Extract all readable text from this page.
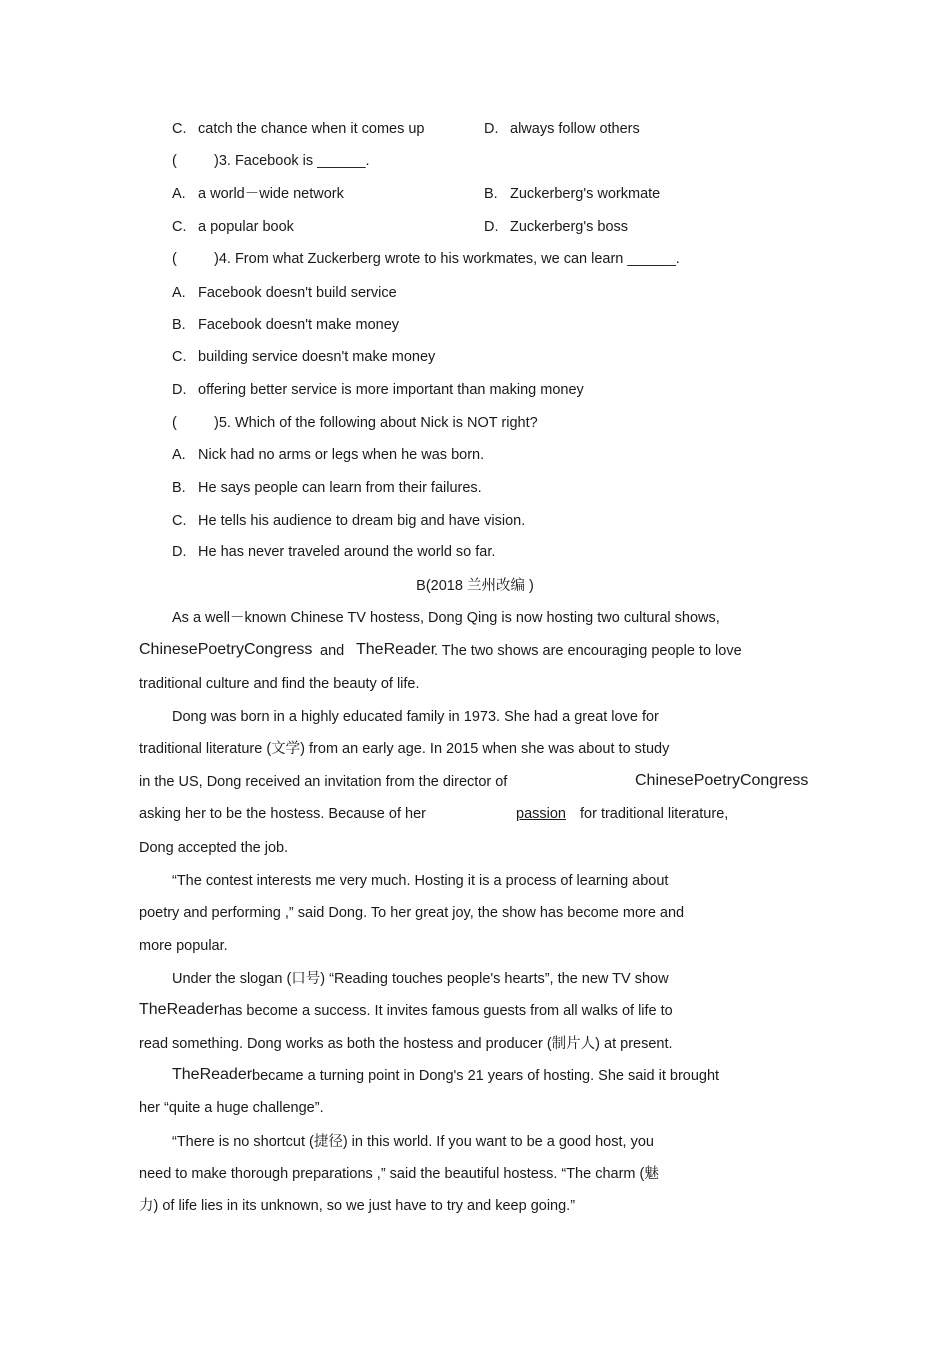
C. catch the chance when it comes up	D. always follow others
(	)3. Facebook is ______.
A. a world－wide network	B. Zuckerberg's workmate
C. a popular book	D. Zuckerberg's boss
(	)4. From what Zuckerberg wrote to his workmates, we can learn ______.
A. Facebook doesn't build service
B. Facebook doesn't make money
C. building service doesn't make money
D. offering better service is more important than making money
(	)5. Which of the following about Nick is NOT right?
A. Nick had no arms or legs when he was born.
B. He says people can learn from their failures.
C. He tells his audience to dream big and have vision.
D. He has never traveled around the world so far.
B(2018 兰州改编 )
As a well－known Chinese TV hostess, Dong Qing is now hosting two cultural shows,
ChinesePoetryCongress and TheReader
. The two shows are encouraging people to love
traditional culture and find the beauty of life.
Dong was born in a highly educated family in 1973. She had a great love for
traditional literature (文学) from an early age. In 2015 when she was about to study
in the US, Dong received an invitation from the director of	ChinesePoetryCongress
asking her to be the hostess. Because of her	passion for traditional literature,
Dong accepted the job.
“The contest interests me very much. Hosting it is a process of learning about
poetry and performing ,” said Dong. To her great joy, the show has become more and
more popular.
Under the slogan (口号) “Reading touches people's hearts”, the new TV show
TheReader has become a success. It invites famous guests from all walks of life to
read something. Dong works as both the hostess and producer (制片人) at present.
TheReader became a turning point in Dong's 21 years of hosting. She said it brought
her “quite a huge challenge”.
“There is no shortcut (捷径) in this world. If you want to be a good host, you
need to make thorough preparations ,” said the beautiful hostess. “The charm (魅
力) of life lies in its unknown, so we just have to try and keep going.”
